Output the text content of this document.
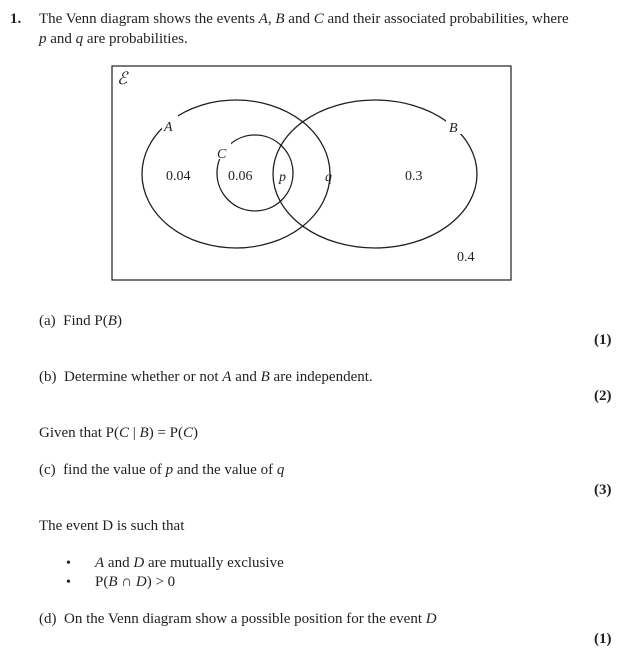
1. The Venn diagram shows the events A, B and C and their associated probabilities, where
p and q are probabilities.
ℰ
A	B
C
0.04	0.06 p	q	0.3
0.4
(a) Find P(B)
(1)
(b) Determine whether or not A and B are independent.
(2)
Given that P(C | B) = P(C)
(c) find the value of p and the value of q
(3)
The event D is such that
• A and D are mutually exclusive
• P(B ∩ D) > 0
(d) On the Venn diagram show a possible position for the event D
(1)
